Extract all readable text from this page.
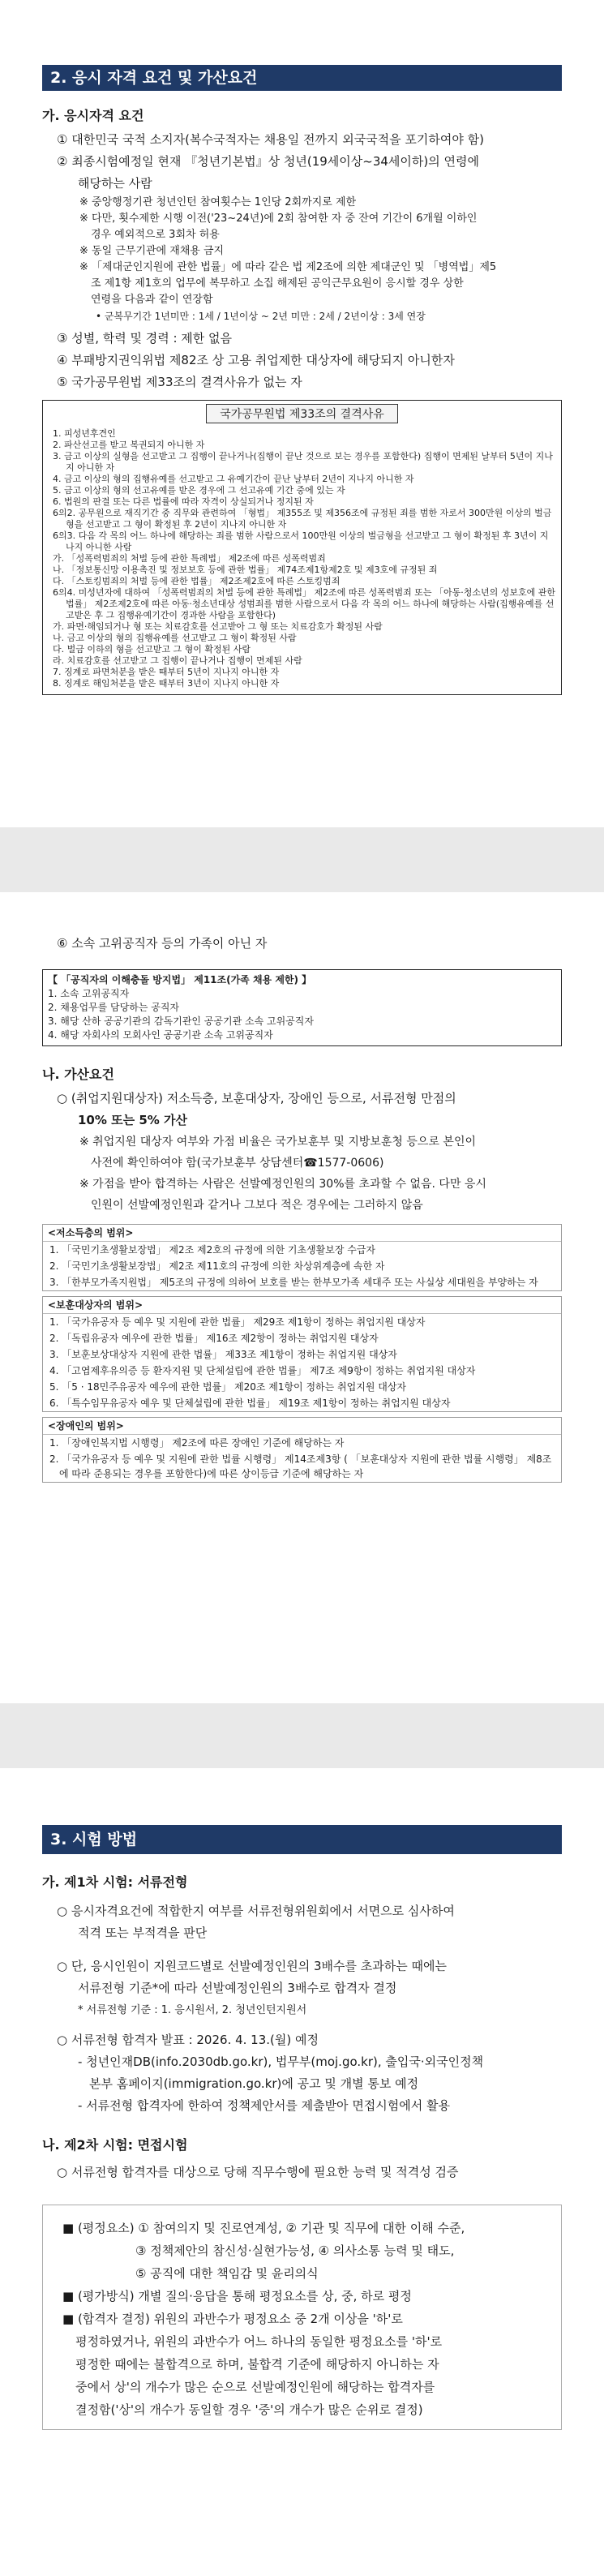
2. 응시 자격 요건 및 가산요건
가. 응시자격 요건
① 대한민국 국적 소지자(복수국적자는 채용일 전까지 외국국적을 포기하여야 함)
② 최종시험예정일 현재 『청년기본법』상 청년(19세이상~34세이하)의 연령에
해당하는 사람
※ 중앙행정기관 청년인턴 참여횟수는 1인당 2회까지로 제한
※ 다만, 횟수제한 시행 이전('23~24년)에 2회 참여한 자 중 잔여 기간이 6개월 이하인
경우 예외적으로 3회차 허용
※ 동일 근무기관에 재채용 금지
※ 「제대군인지원에 관한 법률」에 따라 같은 법 제2조에 의한 제대군인 및 「병역법」제5
조 제1항 제1호의 업무에 복무하고 소집 해제된 공익근무요원이 응시할 경우 상한
연령을 다음과 같이 연장함
• 군복무기간 1년미만 : 1세 / 1년이상 ~ 2년 미만 : 2세 / 2년이상 : 3세 연장
③ 성별, 학력 및 경력 : 제한 없음
④ 부패방지권익위법 제82조 상 고용 취업제한 대상자에 해당되지 아니한자
⑤ 국가공무원법 제33조의 결격사유가 없는 자
국가공무원법 제33조의 결격사유
1. 피성년후견인
2. 파산선고를 받고 복권되지 아니한 자
3. 금고 이상의 실형을 선고받고 그 집행이 끝나거나(집행이 끝난 것으로 보는 경우를 포함한다) 집행이 면제된 날부터 5년이 지나지 아니한 자
4. 금고 이상의 형의 집행유예를 선고받고 그 유예기간이 끝난 날부터 2년이 지나지 아니한 자
5. 금고 이상의 형의 선고유예를 받은 경우에 그 선고유예 기간 중에 있는 자
6. 법원의 판결 또는 다른 법률에 따라 자격이 상실되거나 정지된 자
6의2. 공무원으로 재직기간 중 직무와 관련하여 「형법」 제355조 및 제356조에 규정된 죄를 범한 자로서 300만원 이상의 벌금형을 선고받고 그 형이 확정된 후 2년이 지나지 아니한 자
6의3. 다음 각 목의 어느 하나에 해당하는 죄를 범한 사람으로서 100만원 이상의 벌금형을 선고받고 그 형이 확정된 후 3년이 지나지 아니한 사람
가. 「성폭력범죄의 처벌 등에 관한 특례법」 제2조에 따른 성폭력범죄
나. 「정보통신망 이용촉진 및 정보보호 등에 관한 법률」 제74조제1항제2호 및 제3호에 규정된 죄
다. 「스토킹범죄의 처벌 등에 관한 법률」 제2조제2호에 따른 스토킹범죄
6의4. 미성년자에 대하여 「성폭력범죄의 처벌 등에 관한 특례법」 제2조에 따른 성폭력범죄 또는 「아동·청소년의 성보호에 관한 법률」 제2조제2호에 따른 아동·청소년대상 성범죄를 범한 사람으로서 다음 각 목의 어느 하나에 해당하는 사람(집행유예를 선고받은 후 그 집행유예기간이 경과한 사람을 포함한다)
가. 파면·해임되거나 형 또는 치료감호를 선고받아 그 형 또는 치료감호가 확정된 사람
나. 금고 이상의 형의 집행유예를 선고받고 그 형이 확정된 사람
다. 벌금 이하의 형을 선고받고 그 형이 확정된 사람
라. 치료감호를 선고받고 그 집행이 끝나거나 집행이 면제된 사람
7. 징계로 파면처분을 받은 때부터 5년이 지나지 아니한 자
8. 징계로 해임처분을 받은 때부터 3년이 지나지 아니한 자
⑥ 소속 고위공직자 등의 가족이 아닌 자
【 「공직자의 이해충돌 방지법」 제11조(가족 채용 제한) 】
1. 소속 고위공직자
2. 채용업무를 담당하는 공직자
3. 해당 산하 공공기관의 감독기관인 공공기관 소속 고위공직자
4. 해당 자회사의 모회사인 공공기관 소속 고위공직자
나. 가산요건
○ (취업지원대상자) 저소득층, 보훈대상자, 장애인 등으로, 서류전형 만점의
10% 또는 5% 가산
※ 취업지원 대상자 여부와 가점 비율은 국가보훈부 및 지방보훈청 등으로 본인이
사전에 확인하여야 함(국가보훈부 상담센터☎1577-0606)
※ 가점을 받아 합격하는 사람은 선발예정인원의 30%를 초과할 수 없음. 다만 응시
인원이 선발예정인원과 같거나 그보다 적은 경우에는 그러하지 않음
<저소득층의 범위>
1. 「국민기초생활보장법」 제2조 제2호의 규정에 의한 기초생활보장 수급자
2. 「국민기초생활보장법」 제2조 제11호의 규정에 의한 차상위계층에 속한 자
3. 「한부모가족지원법」 제5조의 규정에 의하여 보호를 받는 한부모가족 세대주 또는 사실상 세대원을 부양하는 자
<보훈대상자의 범위>
1. 「국가유공자 등 예우 및 지원에 관한 법률」 제29조 제1항이 정하는 취업지원 대상자
2. 「독립유공자 예우에 관한 법률」 제16조 제2항이 정하는 취업지원 대상자
3. 「보훈보상대상자 지원에 관한 법률」 제33조 제1항이 정하는 취업지원 대상자
4. 「고엽제후유의증 등 환자지원 및 단체설립에 관한 법률」 제7조 제9항이 정하는 취업지원 대상자
5. 「5 · 18민주유공자 예우에 관한 법률」 제20조 제1항이 정하는 취업지원 대상자
6. 「특수임무유공자 예우 및 단체설립에 관한 법률」 제19조 제1항이 정하는 취업지원 대상자
<장애인의 범위>
1. 「장애인복지법 시행령」 제2조에 따른 장애인 기준에 해당하는 자
2. 「국가유공자 등 예우 및 지원에 관한 법률 시행령」 제14조제3항 ( 「보훈대상자 지원에 관한 법률 시행령」 제8조에 따라 준용되는 경우를 포함한다)에 따른 상이등급 기준에 해당하는 자
3. 시험 방법
가. 제1차 시험: 서류전형
○ 응시자격요건에 적합한지 여부를 서류전형위원회에서 서면으로 심사하여
적격 또는 부적격을 판단
○ 단, 응시인원이 지원코드별로 선발예정인원의 3배수를 초과하는 때에는
서류전형 기준*에 따라 선발예정인원의 3배수로 합격자 결정
* 서류전형 기준 : 1. 응시원서, 2. 청년인턴지원서
○ 서류전형 합격자 발표 : 2026. 4. 13.(월) 예정
- 청년인재DB(info.2030db.go.kr), 법무부(moj.go.kr), 출입국·외국인정책
본부 홈페이지(immigration.go.kr)에 공고 및 개별 통보 예정
- 서류전형 합격자에 한하여 정책제안서를 제출받아 면접시험에서 활용
나. 제2차 시험: 면접시험
○ 서류전형 합격자를 대상으로 당해 직무수행에 필요한 능력 및 적격성 검증
■ (평정요소) ① 참여의지 및 진로연계성, ② 기관 및 직무에 대한 이해 수준,
③ 정책제안의 참신성·실현가능성, ④ 의사소통 능력 및 태도,
⑤ 공직에 대한 책임감 및 윤리의식
■ (평가방식) 개별 질의·응답을 통해 평정요소를 상, 중, 하로 평정
■ (합격자 결정) 위원의 과반수가 평정요소 중 2개 이상을 '하'로
평정하였거나, 위원의 과반수가 어느 하나의 동일한 평정요소를 '하'로
평정한 때에는 불합격으로 하며, 불합격 기준에 해당하지 아니하는 자
중에서 상'의 개수가 많은 순으로 선발예정인원에 해당하는 합격자를
결정함('상'의 개수가 동일할 경우 '중'의 개수가 많은 순위로 결정)
